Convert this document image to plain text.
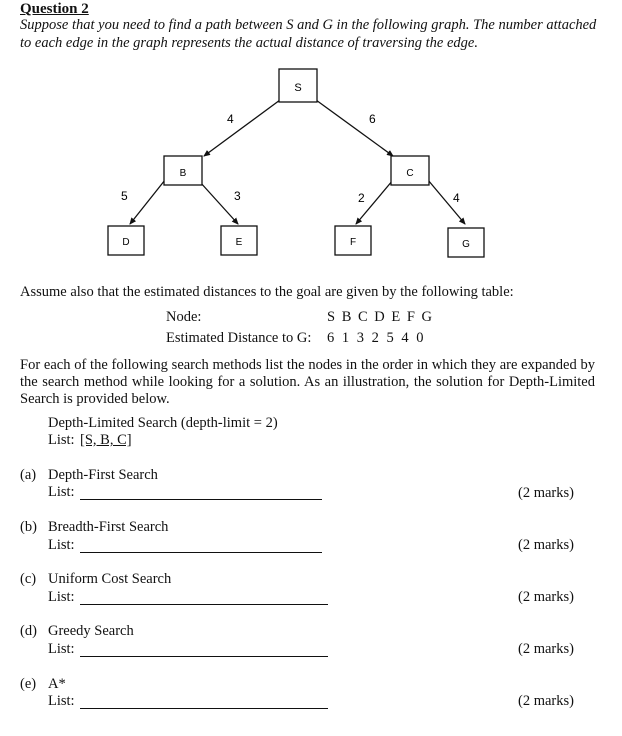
Question 2
Suppose that you need to find a path between S and G in the following graph. The number attached to each edge in the graph represents the actual distance of traversing the edge.
4	6
5	3	2	4
S
B	C
D	E	F	G
Assume also that the estimated distances to the goal are given by the following table:
Node:	S B C D E F G
Estimated Distance to G: 6 1 3 2 5 4 0
For each of the following search methods list the nodes in the order in which they are expanded by the search method while looking for a solution. As an illustration, the solution for Depth-Limited Search is provided below.
Depth-Limited Search (depth-limit = 2)
List: [S, B, C]
(a) Depth-First Search
List:	(2 marks)
(b) Breadth-First Search
List:	(2 marks)
(c) Uniform Cost Search
List:	(2 marks)
(d) Greedy Search
List:	(2 marks)
(e) A*
List:	(2 marks)
